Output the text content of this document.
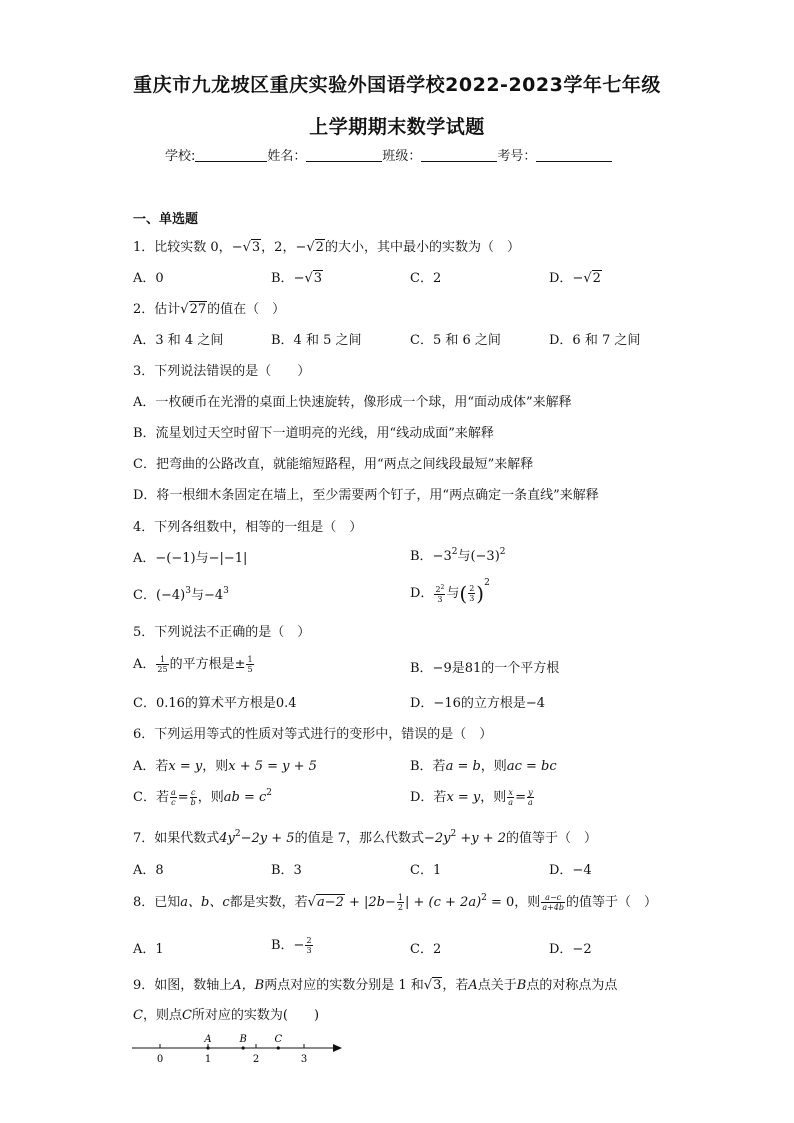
重庆市九龙坡区重庆实验外国语学校2022-2023学年七年级
上学期期末数学试题
学校:	姓名：	班级：	考号：
一、单选题
1．比较实数 0，−√3，2，−√2的大小，其中最小的实数为（　）
A．0	B．−√3	C．2	D．−√2
2．估计√27的值在（　）
A．3 和 4 之间	B．4 和 5 之间	C．5 和 6 之间	D．6 和 7 之间
3．下列说法错误的是（　　）
A．一枚硬币在光滑的桌面上快速旋转，像形成一个球，用“面动成体”来解释
B．流星划过天空时留下一道明亮的光线，用“线动成面”来解释
C．把弯曲的公路改直，就能缩短路程，用“两点之间线段最短”来解释
D．将一根细木条固定在墙上，至少需要两个钉子，用“两点确定一条直线”来解释
4．下列各组数中，相等的一组是（　）
A．−(−1)与−|−1|	B．$-3^2$与$(-3)^2$
C．$(-4)^3$与$-4^3$	D． $\frac{2^2}{3}$ 与( $\frac{2}{3} )^2$
5．下列说法不正确的是（　）
A． $\frac{1}{25}$ 的平方根是± $\frac{1}{5}$	B．−9是81的一个平方根
C．0.16的算术平方根是0.4	D．−16的立方根是−4
6．下列运用等式的性质对等式进行的变形中，错误的是（　）
A．若x = y，则x + 5 = y + 5	B．若a = b，则ac = bc
C．若 $\frac{a}{c} = \frac{c}{b}$ ，则ab = $c^2$	D．若x = y，则 $\frac{x}{a} = \frac{y}{a}$
7．如果代数式$4y^2-2y + 5$的值是 7，那么代数式$-2y^2 +y + 2$的值等于（　）
A．8	B．3	C．1	D．−4
8．已知a、b、c都是实数，若$√a-2 + |2b- \frac{1}{2}$ | + $(c + 2a)^2 = 0$，则 $\frac{a-c}{a+4b}$ 的值等于（　）
A．1	B．− $\frac{2}{3}$	C．2	D．−2
9．如图，数轴上A，B两点对应的实数分别是 1 和√3，若A点关于B点的对称点为点
C，则点C所对应的实数为(　　)
0	1	2	3
A	B	C
